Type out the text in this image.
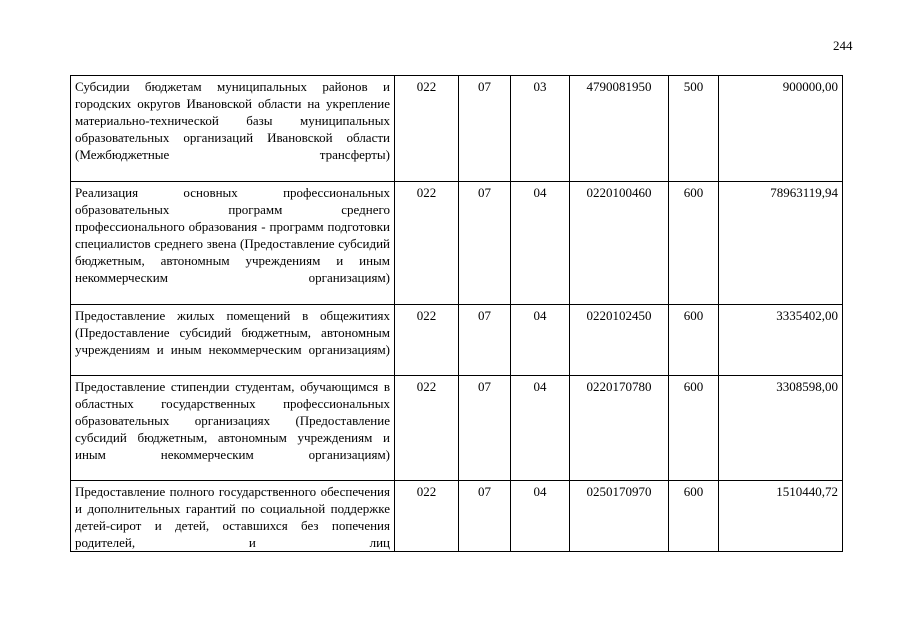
244
Субсидии бюджетам муниципальных районов и городских округов Ивановской области на укрепление материально-технической базы муниципальных образовательных организаций Ивановской области (Межбюджетные трансферты)	022	07	03	4790081950	500	900000,00
Реализация основных профессиональных образовательных программ среднего профессионального образования - программ подготовки специалистов среднего звена (Предоставление субсидий бюджетным, автономным учреждениям и иным некоммерческим организациям)	022	07	04	0220100460	600	78963119,94
Предоставление жилых помещений в общежитиях (Предоставление субсидий бюджетным, автономным учреждениям и иным некоммерческим организациям)	022	07	04	0220102450	600	3335402,00
Предоставление стипендии студентам, обучающимся в областных государственных профессиональных образовательных организациях (Предоставление субсидий бюджетным, автономным учреждениям и иным некоммерческим организациям)	022	07	04	0220170780	600	3308598,00
Предоставление полного государственного обеспечения и дополнительных гарантий по социальной поддержке детей-сирот и детей, оставшихся без попечения родителей, и лиц	022	07	04	0250170970	600	1510440,72
